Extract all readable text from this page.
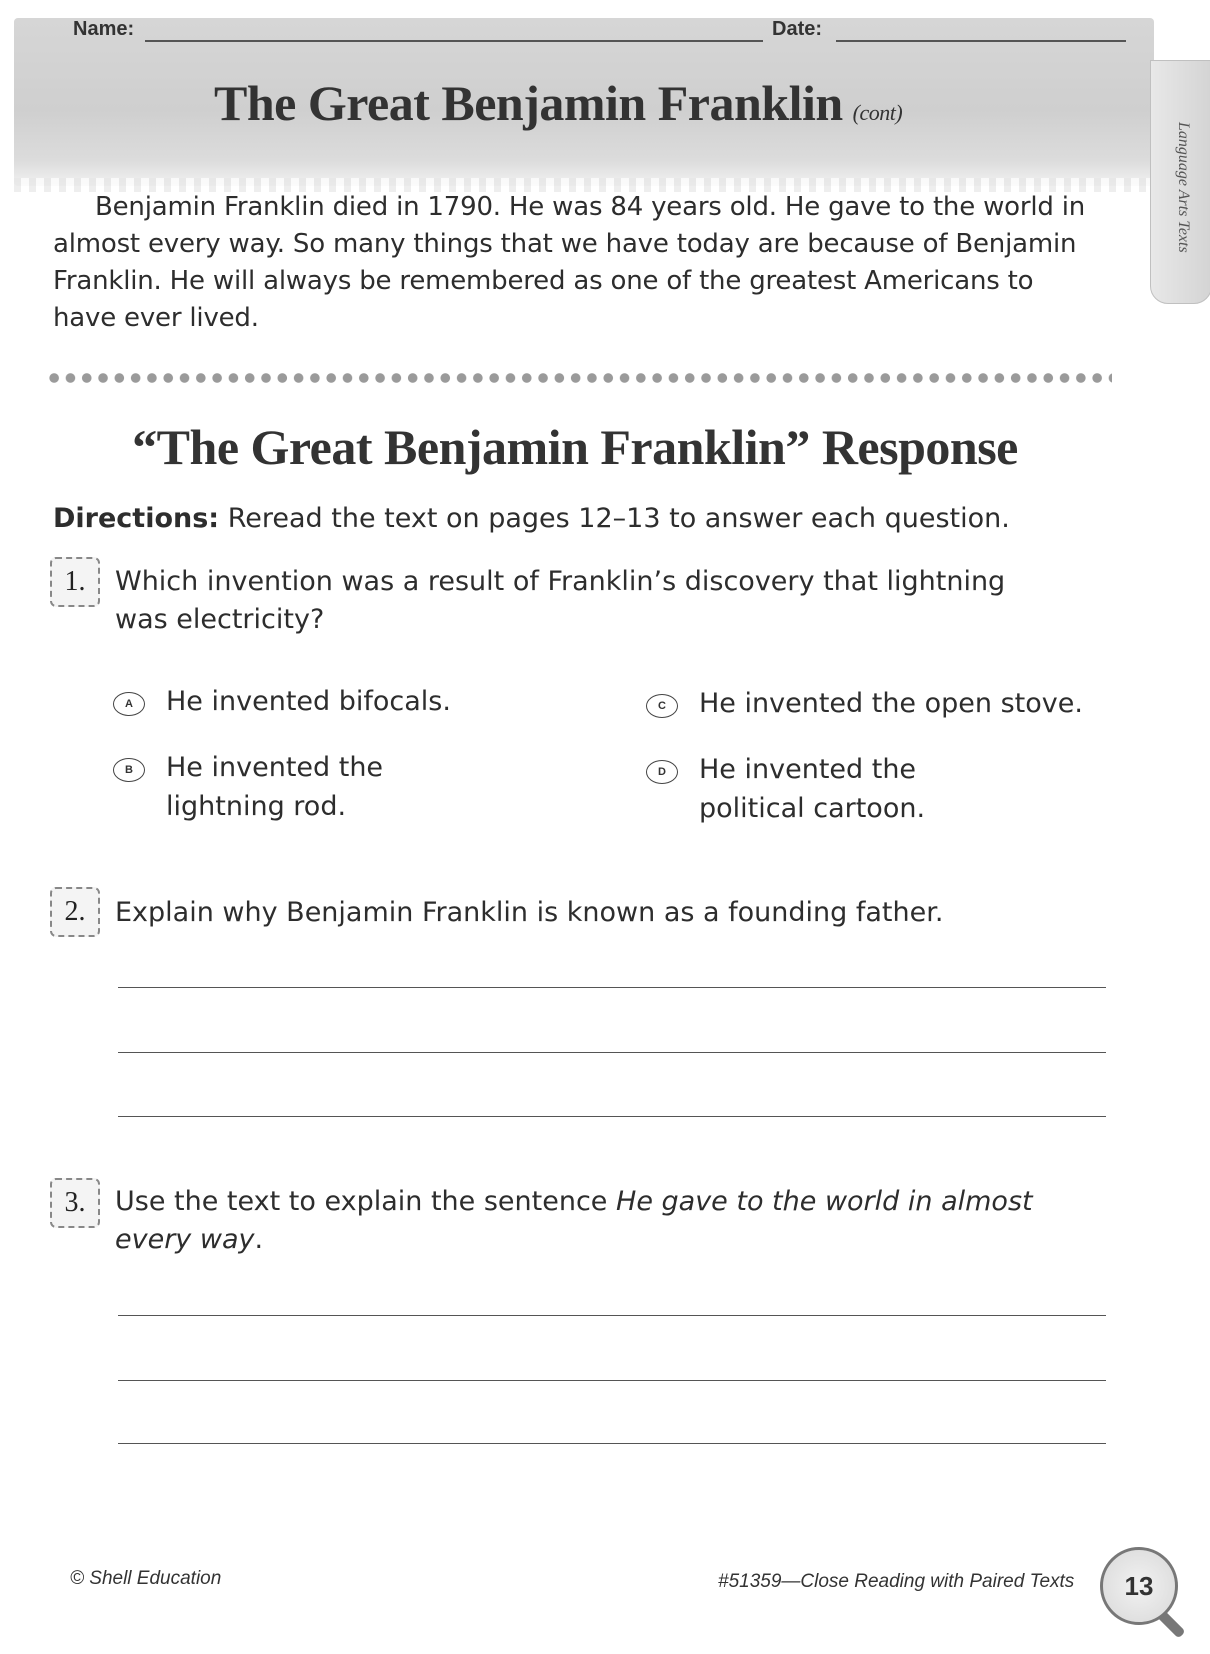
Name:	Date:
The Great Benjamin Franklin (cont)
Language Arts Texts

Benjamin Franklin died in 1790. He was 84 years old. He gave to the world in almost every way. So many things that we have today are because of Benjamin Franklin. He will always be remembered as one of the greatest Americans to have ever lived.

“The Great Benjamin Franklin” Response
Directions: Reread the text on pages 12–13 to answer each question.
1.	Which invention was a result of Franklin’s discovery that lightning was electricity?
A	He invented bifocals.
B	He invented the
lightning rod.
C	He invented the open stove.
D	He invented the
political cartoon.
2.	Explain why Benjamin Franklin is known as a founding father.
3.	Use the text to explain the sentence He gave to the world in almost every way.
© Shell Education	#51359—Close Reading with Paired Texts	13
